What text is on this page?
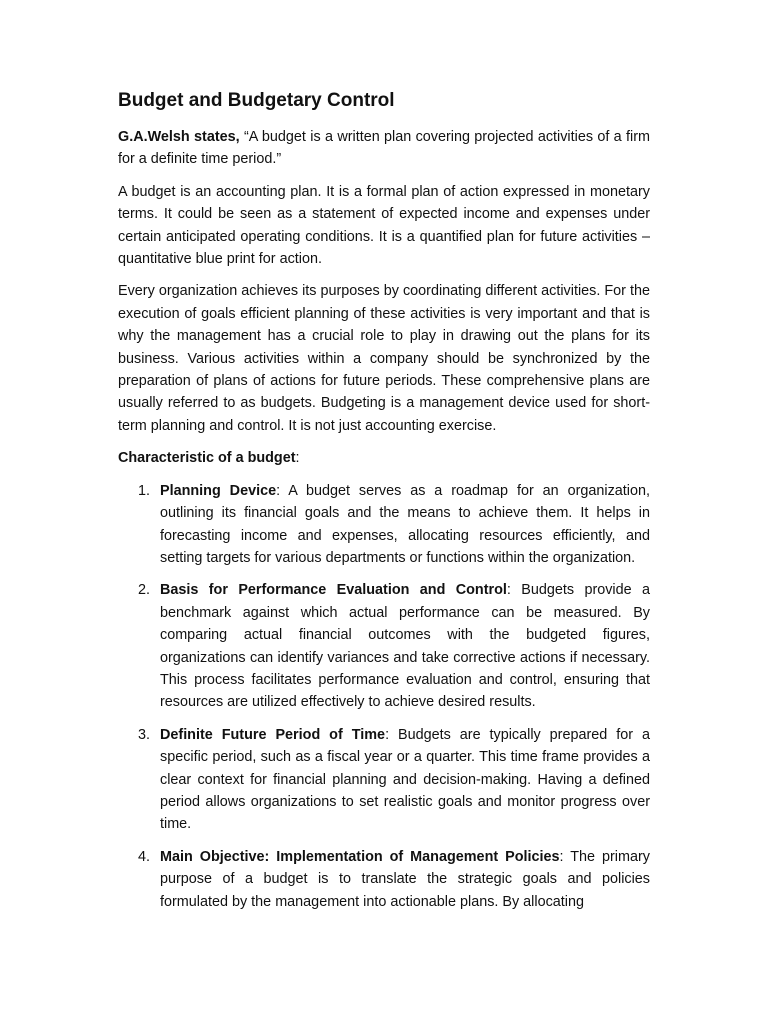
Budget and Budgetary Control

G.A.Welsh states, “A budget is a written plan covering projected activities of a firm for a definite time period.”

A budget is an accounting plan. It is a formal plan of action expressed in monetary terms. It could be seen as a statement of expected income and expenses under certain anticipated operating conditions. It is a quantified plan for future activities – quantitative blue print for action.

Every organization achieves its purposes by coordinating different activities. For the execution of goals efficient planning of these activities is very important and that is why the management has a crucial role to play in drawing out the plans for its business. Various activities within a company should be synchronized by the preparation of plans of actions for future periods. These comprehensive plans are usually referred to as budgets. Budgeting is a management device used for short-term planning and control. It is not just accounting exercise.

Characteristic of a budget:
1. Planning Device: A budget serves as a roadmap for an organization, outlining its financial goals and the means to achieve them. It helps in forecasting income and expenses, allocating resources efficiently, and setting targets for various departments or functions within the organization.
2. Basis for Performance Evaluation and Control: Budgets provide a benchmark against which actual performance can be measured. By comparing actual financial outcomes with the budgeted figures, organizations can identify variances and take corrective actions if necessary. This process facilitates performance evaluation and control, ensuring that resources are utilized effectively to achieve desired results.
3. Definite Future Period of Time: Budgets are typically prepared for a specific period, such as a fiscal year or a quarter. This time frame provides a clear context for financial planning and decision-making. Having a defined period allows organizations to set realistic goals and monitor progress over time.
4. Main Objective: Implementation of Management Policies: The primary purpose of a budget is to translate the strategic goals and policies formulated by the management into actionable plans. By allocating
